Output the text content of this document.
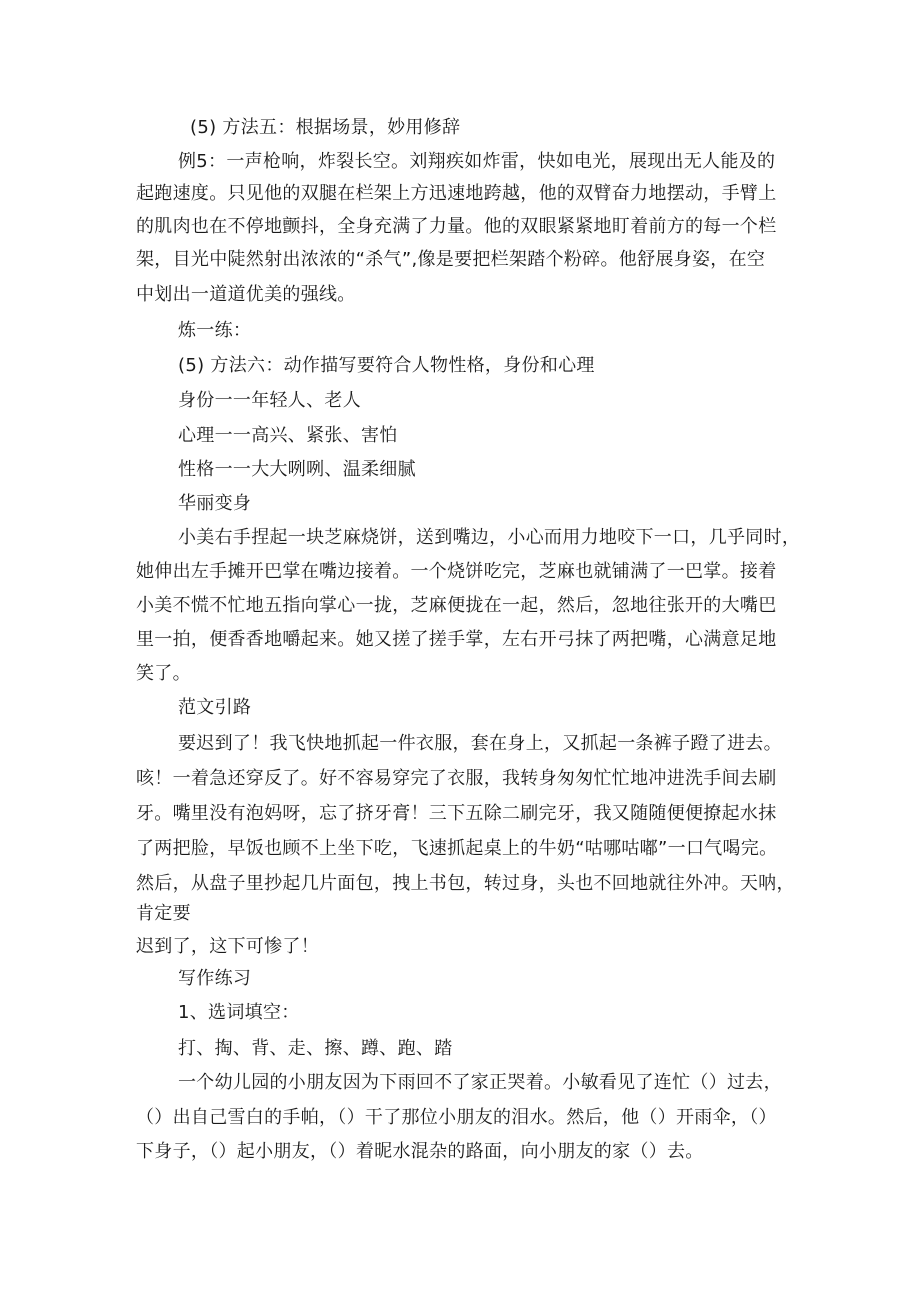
(5) 方法五：根据场景，妙用修辞
例5：一声枪响，炸裂长空。刘翔疾如炸雷，快如电光，展现出无人能及的
起跑速度。只见他的双腿在栏架上方迅速地跨越，他的双臂奋力地摆动，手臂上
的肌肉也在不停地颤抖，全身充满了力量。他的双眼紧紧地盯着前方的每一个栏
架，目光中陡然射出浓浓的“杀气”,像是要把栏架踏个粉碎。他舒展身姿，在空
中划出一道道优美的强线。
炼一练：
(5) 方法六：动作描写要符合人物性格，身份和心理
身份一一年轻人、老人
心理一一高兴、紧张、害怕
性格一一大大咧咧、温柔细腻
华丽变身
小美右手捏起一块芝麻烧饼，送到嘴边，小心而用力地咬下一口，几乎同时，
她伸出左手摊开巴掌在嘴边接着。一个烧饼吃完，芝麻也就铺满了一巴掌。接着
小美不慌不忙地五指向掌心一拢，芝麻便拢在一起，然后，忽地往张开的大嘴巴
里一拍，便香香地嚼起来。她又搓了搓手掌，左右开弓抹了两把嘴，心满意足地
笑了。
范文引路
要迟到了！我飞快地抓起一件衣服，套在身上，又抓起一条裤子蹬了进去。
咳！一着急还穿反了。好不容易穿完了衣服，我转身匆匆忙忙地冲进洗手间去刷
牙。嘴里没有泡妈呀，忘了挤牙膏！三下五除二刷完牙，我又随随便便撩起水抹
了两把脸，早饭也顾不上坐下吃，飞速抓起桌上的牛奶“咕哪咕嘟”一口气喝完。
然后，从盘子里抄起几片面包，拽上书包，转过身，头也不回地就往外冲。天呐，
肯定要
迟到了，这下可惨了！
写作练习
1、选词填空：
打、掏、背、走、擦、蹲、跑、踏
一个幼儿园的小朋友因为下雨回不了家正哭着。小敏看见了连忙（）过去，
（）出自己雪白的手帕，（）干了那位小朋友的泪水。然后，他（）开雨伞，（）
下身子，（）起小朋友，（）着昵水混杂的路面，向小朋友的家（）去。
